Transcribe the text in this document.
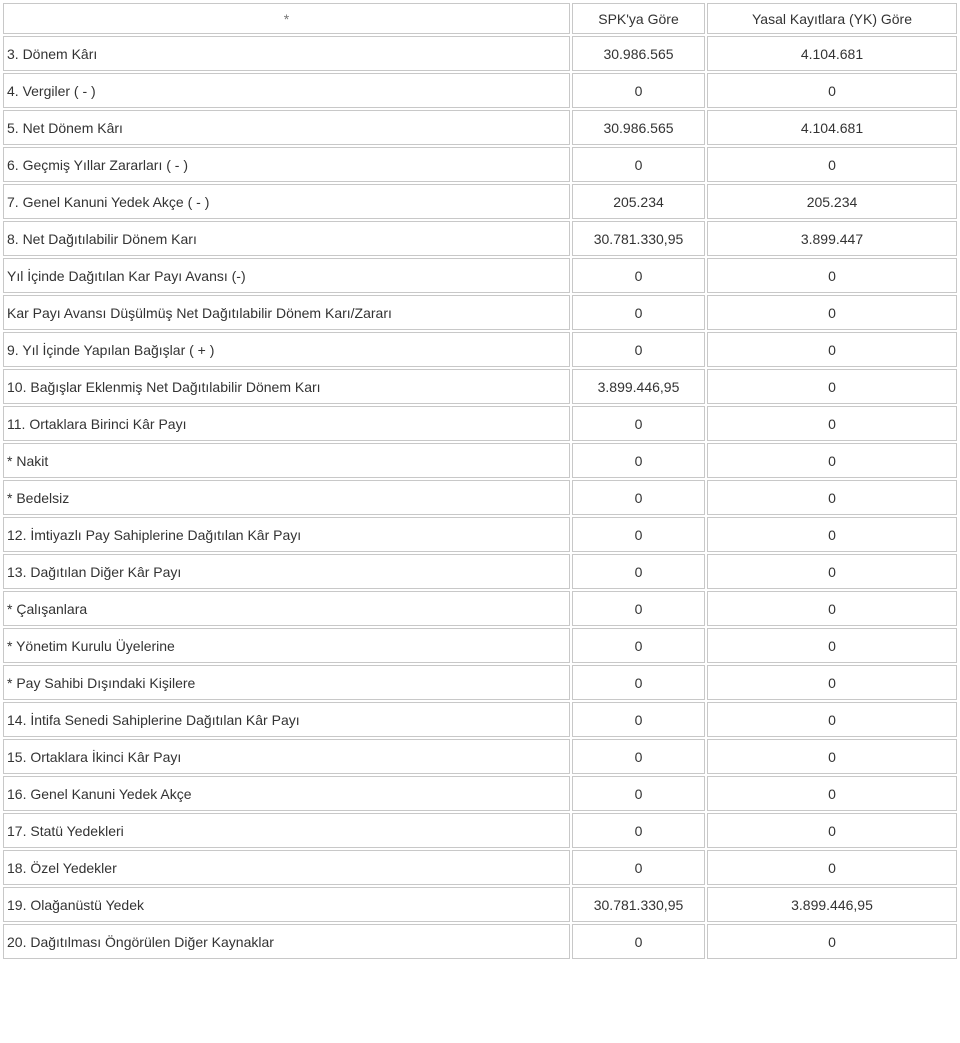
*	SPK'ya Göre	Yasal Kayıtlara (YK) Göre
3. Dönem Kârı	30.986.565	4.104.681
4. Vergiler ( - )	0	0
5. Net Dönem Kârı	30.986.565	4.104.681
6. Geçmiş Yıllar Zararları ( - )	0	0
7. Genel Kanuni Yedek Akçe ( - )	205.234	205.234
8. Net Dağıtılabilir Dönem Karı	30.781.330,95	3.899.447
Yıl İçinde Dağıtılan Kar Payı Avansı (-)	0	0
Kar Payı Avansı Düşülmüş Net Dağıtılabilir Dönem Karı/Zararı	0	0
9. Yıl İçinde Yapılan Bağışlar ( + )	0	0
10. Bağışlar Eklenmiş Net Dağıtılabilir Dönem Karı	3.899.446,95	0
11. Ortaklara Birinci Kâr Payı	0	0
* Nakit	0	0
* Bedelsiz	0	0
12. İmtiyazlı Pay Sahiplerine Dağıtılan Kâr Payı	0	0
13. Dağıtılan Diğer Kâr Payı	0	0
* Çalışanlara	0	0
* Yönetim Kurulu Üyelerine	0	0
* Pay Sahibi Dışındaki Kişilere	0	0
14. İntifa Senedi Sahiplerine Dağıtılan Kâr Payı	0	0
15. Ortaklara İkinci Kâr Payı	0	0
16. Genel Kanuni Yedek Akçe	0	0
17. Statü Yedekleri	0	0
18. Özel Yedekler	0	0
19. Olağanüstü Yedek	30.781.330,95	3.899.446,95
20. Dağıtılması Öngörülen Diğer Kaynaklar	0	0
